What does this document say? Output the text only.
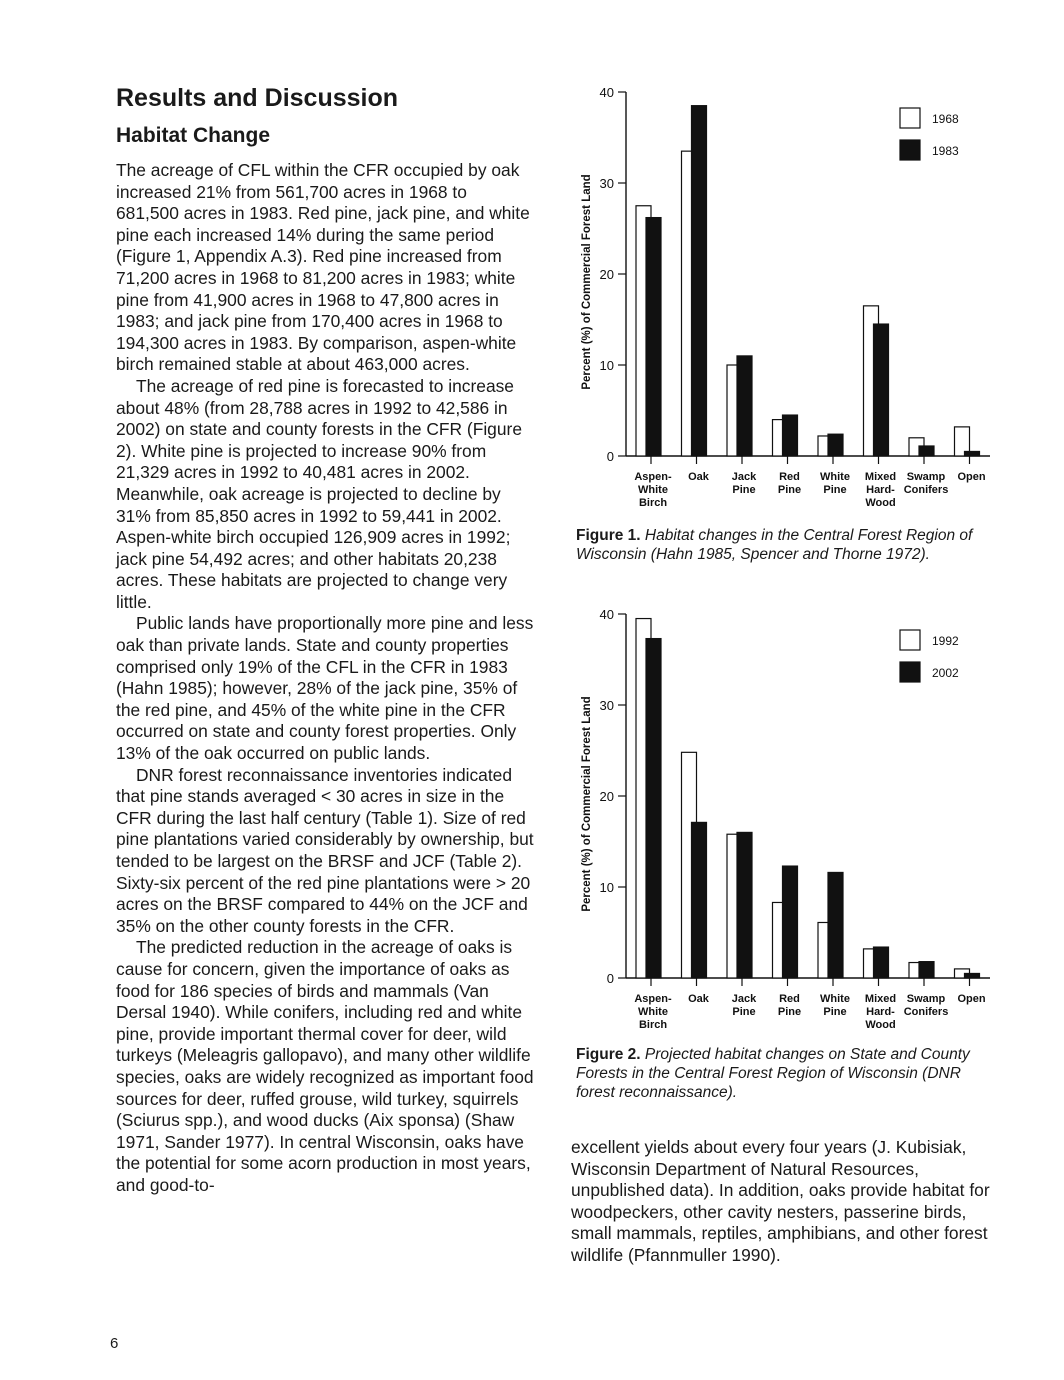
Results and Discussion
Habitat Change

The acreage of CFL within the CFR occupied by oak increased 21% from 561,700 acres in 1968 to 681,500 acres in 1983. Red pine, jack pine, and white pine each increased 14% during the same period (Figure 1, Appendix A.3). Red pine increased from 71,200 acres in 1968 to 81,200 acres in 1983; white pine from 41,900 acres in 1968 to 47,800 acres in 1983; and jack pine from 170,400 acres in 1968 to 194,300 acres in 1983. By comparison, aspen-white birch remained stable at about 463,000 acres.

The acreage of red pine is forecasted to increase about 48% (from 28,788 acres in 1992 to 42,586 in 2002) on state and county forests in the CFR (Figure 2). White pine is projected to increase 90% from 21,329 acres in 1992 to 40,481 acres in 2002. Meanwhile, oak acreage is projected to decline by 31% from 85,850 acres in 1992 to 59,441 in 2002. Aspen-white birch occupied 126,909 acres in 1992; jack pine 54,492 acres; and other habitats 20,238 acres. These habitats are projected to change very little.

Public lands have proportionally more pine and less oak than private lands. State and county properties comprised only 19% of the CFL in the CFR in 1983 (Hahn 1985); however, 28% of the jack pine, 35% of the red pine, and 45% of the white pine in the CFR occurred on state and county forest properties. Only 13% of the oak occurred on public lands.

DNR forest reconnaissance inventories indicated that pine stands averaged < 30 acres in size in the CFR during the last half century (Table 1). Size of red pine plantations varied considerably by ownership, but tended to be largest on the BRSF and JCF (Table 2). Sixty-six percent of the red pine plantations were > 20 acres on the BRSF compared to 44% on the JCF and 35% on the other county forests in the CFR.

The predicted reduction in the acreage of oaks is cause for concern, given the importance of oaks as food for 186 species of birds and mammals (Van Dersal 1940). While conifers, including red and white pine, provide important thermal cover for deer, wild turkeys (Meleagris gallopavo), and many other wildlife species, oaks are widely recognized as important food sources for deer, ruffed grouse, wild turkey, squirrels (Sciurus spp.), and wood ducks (Aix sponsa) (Shaw 1971, Sander 1977). In central Wisconsin, oaks have the potential for some acorn production in most years, and good-to-

0
10
20
30
40
Percent (%) of Commercial Forest Land
Aspen-White Birch
Oak Jack Pine
Red Pine
White Pine
Mixed Hard-Wood
Swamp Conifers
Open
1968
1983
Figure 1. Habitat changes in the Central Forest Region of Wisconsin (Hahn 1985, Spencer and Thorne 1972).
0
10
20
30
40
Percent (%) of Commercial Forest Land
Aspen-White Birch
Oak Jack Pine
Red Pine
White Pine
Mixed Hard-Wood
Swamp Conifers
Open
1992
2002
Figure 2. Projected habitat changes on State and County Forests in the Central Forest Region of Wisconsin (DNR forest reconnaissance).

excellent yields about every four years (J. Kubisiak, Wisconsin Department of Natural Resources, unpublished data). In addition, oaks provide habitat for woodpeckers, other cavity nesters, passerine birds, small mammals, reptiles, amphibians, and other forest wildlife (Pfannmuller 1990).

6
